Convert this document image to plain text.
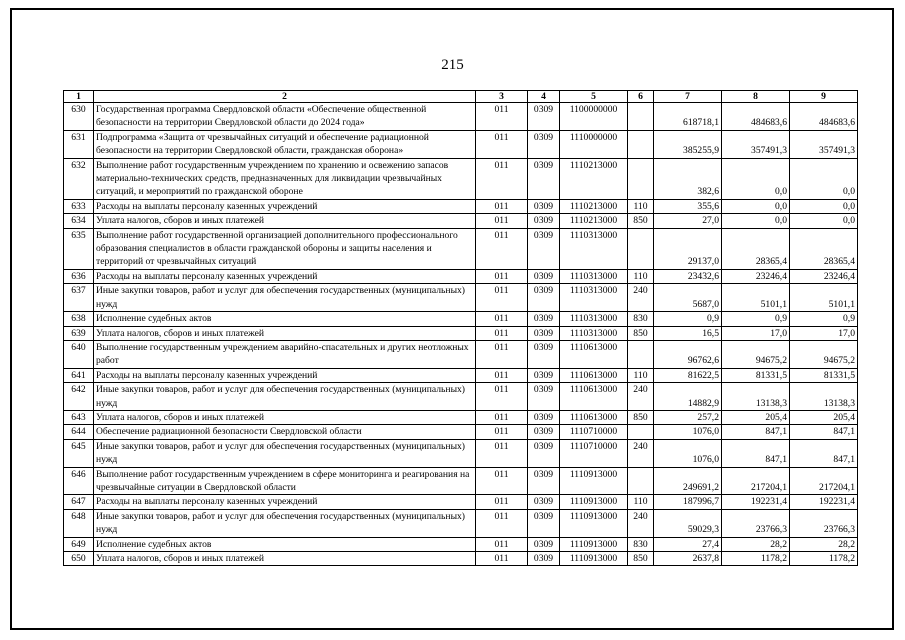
215
1	2	3	4	5	6	7	8	9
630	Государственная программа Свердловской области «Обеспечение общественной безопасности на территории Свердловской области до 2024 года»	011	0309	1100000000		618718,1	484683,6	484683,6
631	Подпрограмма «Защита от чрезвычайных ситуаций и обеспечение радиационной безопасности на территории Свердловской области, гражданская оборона»	011	0309	1110000000		385255,9	357491,3	357491,3
632	Выполнение работ государственным учреждением по хранению и освежению запасов материально-технических средств, предназначенных для ликвидации чрезвычайных ситуаций, и мероприятий по гражданской обороне	011	0309	1110213000		382,6	0,0	0,0
633	Расходы на выплаты персоналу казенных учреждений	011	0309	1110213000	110	355,6	0,0	0,0
634	Уплата налогов, сборов и иных платежей	011	0309	1110213000	850	27,0	0,0	0,0
635	Выполнение работ государственной организацией дополнительного профессионального образования специалистов в области гражданской обороны и защиты населения и территорий от чрезвычайных ситуаций	011	0309	1110313000		29137,0	28365,4	28365,4
636	Расходы на выплаты персоналу казенных учреждений	011	0309	1110313000	110	23432,6	23246,4	23246,4
637	Иные закупки товаров, работ и услуг для обеспечения государственных (муниципальных) нужд	011	0309	1110313000	240	5687,0	5101,1	5101,1
638	Исполнение судебных актов	011	0309	1110313000	830	0,9	0,9	0,9
639	Уплата налогов, сборов и иных платежей	011	0309	1110313000	850	16,5	17,0	17,0
640	Выполнение государственным учреждением аварийно-спасательных и других неотложных работ	011	0309	1110613000		96762,6	94675,2	94675,2
641	Расходы на выплаты персоналу казенных учреждений	011	0309	1110613000	110	81622,5	81331,5	81331,5
642	Иные закупки товаров, работ и услуг для обеспечения государственных (муниципальных) нужд	011	0309	1110613000	240	14882,9	13138,3	13138,3
643	Уплата налогов, сборов и иных платежей	011	0309	1110613000	850	257,2	205,4	205,4
644	Обеспечение радиационной безопасности Свердловской области	011	0309	1110710000		1076,0	847,1	847,1
645	Иные закупки товаров, работ и услуг для обеспечения государственных (муниципальных) нужд	011	0309	1110710000	240	1076,0	847,1	847,1
646	Выполнение работ государственным учреждением в сфере мониторинга и реагирования на чрезвычайные ситуации в Свердловской области	011	0309	1110913000		249691,2	217204,1	217204,1
647	Расходы на выплаты персоналу казенных учреждений	011	0309	1110913000	110	187996,7	192231,4	192231,4
648	Иные закупки товаров, работ и услуг для обеспечения государственных (муниципальных) нужд	011	0309	1110913000	240	59029,3	23766,3	23766,3
649	Исполнение судебных актов	011	0309	1110913000	830	27,4	28,2	28,2
650	Уплата налогов, сборов и иных платежей	011	0309	1110913000	850	2637,8	1178,2	1178,2
